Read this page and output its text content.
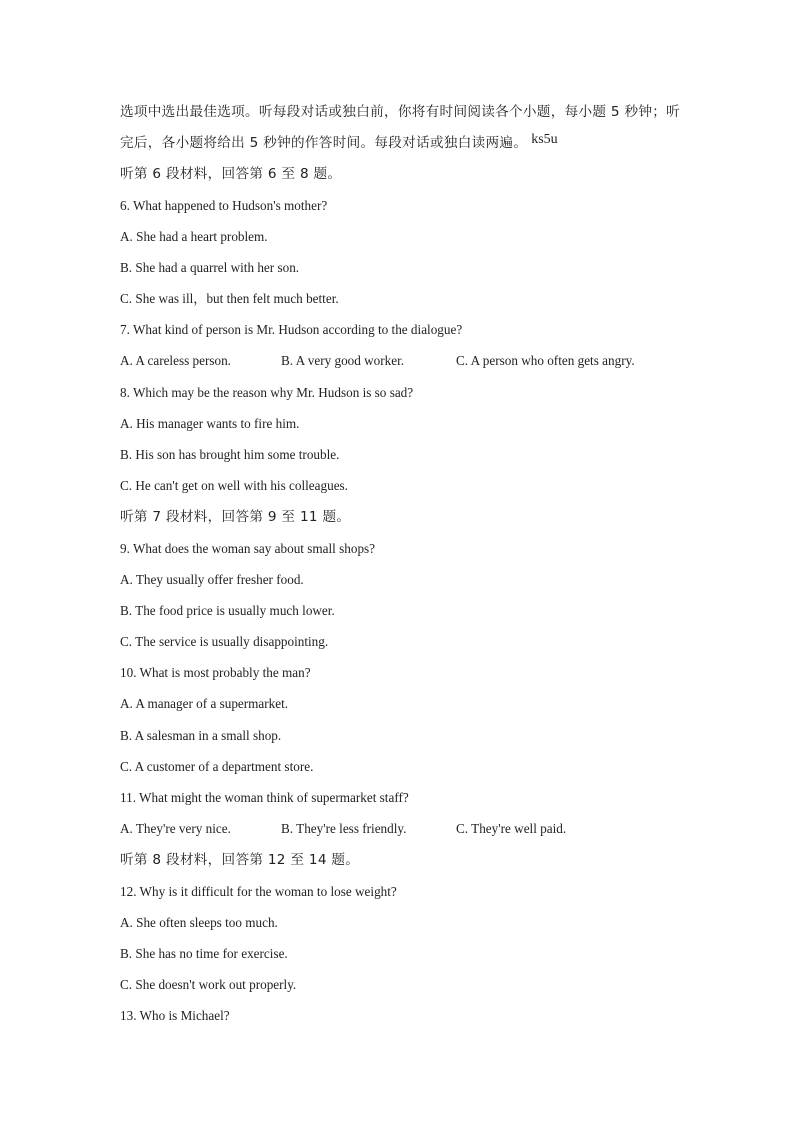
选项中选出最佳选项。听每段对话或独白前，你将有时间阅读各个小题，每小题 5 秒钟；听
完后，各小题将给出 5 秒钟的作答时间。每段对话或独白读两遍。 ks5u
听第 6 段材料，回答第 6 至 8 题。
6. What happened to Hudson's mother?
A. She had a heart problem.
B. She had a quarrel with her son.
C. She was ill，but then felt much better.
7. What kind of person is Mr. Hudson according to the dialogue?
A. A careless person.	B. A very good worker.	C. A person who often gets angry.
8. Which may be the reason why Mr. Hudson is so sad?
A. His manager wants to fire him.
B. His son has brought him some trouble.
C. He can't get on well with his colleagues.
听第 7 段材料，回答第 9 至 11 题。
9. What does the woman say about small shops?
A. They usually offer fresher food.
B. The food price is usually much lower.
C. The service is usually disappointing.
10. What is most probably the man?
A. A manager of a supermarket.
B. A salesman in a small shop.
C. A customer of a department store.
11. What might the woman think of supermarket staff?
A. They're very nice.	B. They're less friendly.	C. They're well paid.
听第 8 段材料，回答第 12 至 14 题。
12. Why is it difficult for the woman to lose weight?
A. She often sleeps too much.
B. She has no time for exercise.
C. She doesn't work out properly.
13. Who is Michael?
